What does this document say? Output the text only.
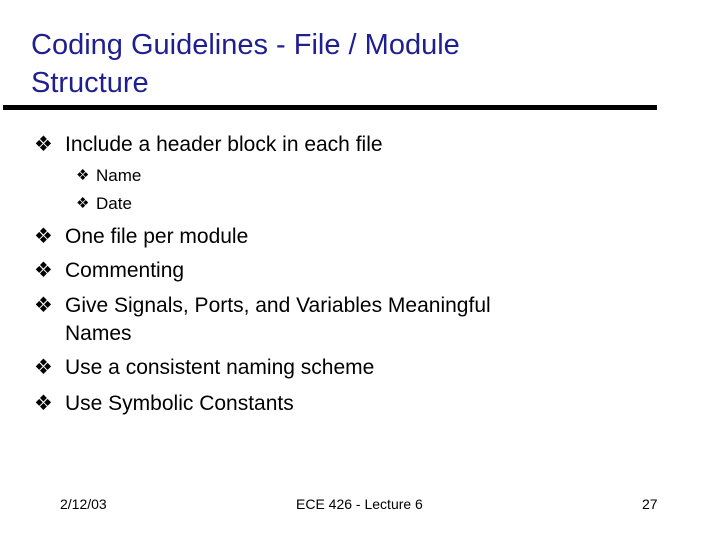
Coding Guidelines - File / Module
Structure
❖ Include a header block in each file
❖ Name
❖ Date
❖ One file per module
❖ Commenting
❖ Give Signals, Ports, and Variables Meaningful
Names
❖ Use a consistent naming scheme
❖ Use Symbolic Constants
2/12/03	ECE 426 - Lecture 6	27
